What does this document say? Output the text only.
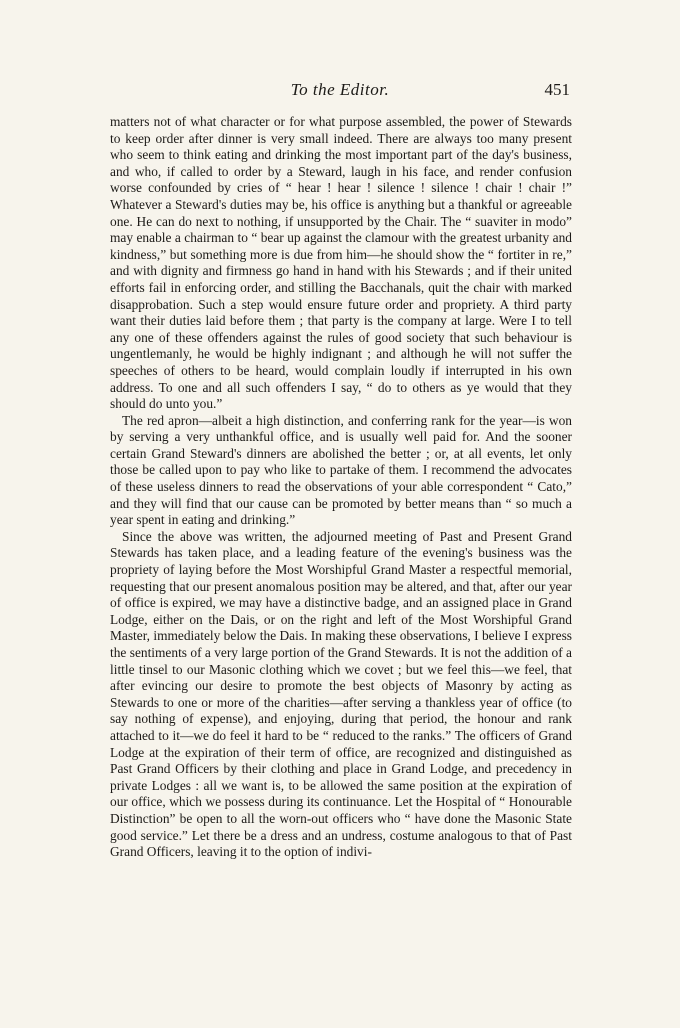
To the Editor.	451

matters not of what character or for what purpose assembled, the power of Stewards to keep order after dinner is very small indeed. There are always too many present who seem to think eating and drinking the most important part of the day's business, and who, if called to order by a Steward, laugh in his face, and render confusion worse confounded by cries of “ hear ! hear ! silence ! silence ! chair ! chair !” Whatever a Steward's duties may be, his office is anything but a thankful or agreeable one. He can do next to nothing, if unsupported by the Chair. The “ suaviter in modo” may enable a chairman to “ bear up against the clamour with the greatest urbanity and kindness,” but something more is due from him—he should show the “ fortiter in re,” and with dignity and firmness go hand in hand with his Stewards ; and if their united efforts fail in enforcing order, and stilling the Bacchanals, quit the chair with marked disapprobation. Such a step would ensure future order and propriety. A third party want their duties laid before them ; that party is the company at large. Were I to tell any one of these offenders against the rules of good society that such behaviour is ungentlemanly, he would be highly indignant ; and although he will not suffer the speeches of others to be heard, would complain loudly if interrupted in his own address. To one and all such offenders I say, “ do to others as ye would that they should do unto you.”

The red apron—albeit a high distinction, and conferring rank for the year—is won by serving a very unthankful office, and is usually well paid for. And the sooner certain Grand Steward's dinners are abolished the better ; or, at all events, let only those be called upon to pay who like to partake of them. I recommend the advocates of these useless dinners to read the observations of your able correspondent “ Cato,” and they will find that our cause can be promoted by better means than “ so much a year spent in eating and drinking.”

Since the above was written, the adjourned meeting of Past and Present Grand Stewards has taken place, and a leading feature of the evening's business was the propriety of laying before the Most Worshipful Grand Master a respectful memorial, requesting that our present anomalous position may be altered, and that, after our year of office is expired, we may have a distinctive badge, and an assigned place in Grand Lodge, either on the Dais, or on the right and left of the Most Worshipful Grand Master, immediately below the Dais. In making these observations, I believe I express the sentiments of a very large portion of the Grand Stewards. It is not the addition of a little tinsel to our Masonic clothing which we covet ; but we feel this—we feel, that after evincing our desire to promote the best objects of Masonry by acting as Stewards to one or more of the charities—after serving a thankless year of office (to say nothing of expense), and enjoying, during that period, the honour and rank attached to it—we do feel it hard to be “ reduced to the ranks.” The officers of Grand Lodge at the expiration of their term of office, are recognized and distinguished as Past Grand Officers by their clothing and place in Grand Lodge, and precedency in private Lodges : all we want is, to be allowed the same position at the expiration of our office, which we possess during its continuance. Let the Hospital of “ Honourable Distinction” be open to all the worn-out officers who “ have done the Masonic State good service.” Let there be a dress and an undress, costume analogous to that of Past Grand Officers, leaving it to the option of indivi-
